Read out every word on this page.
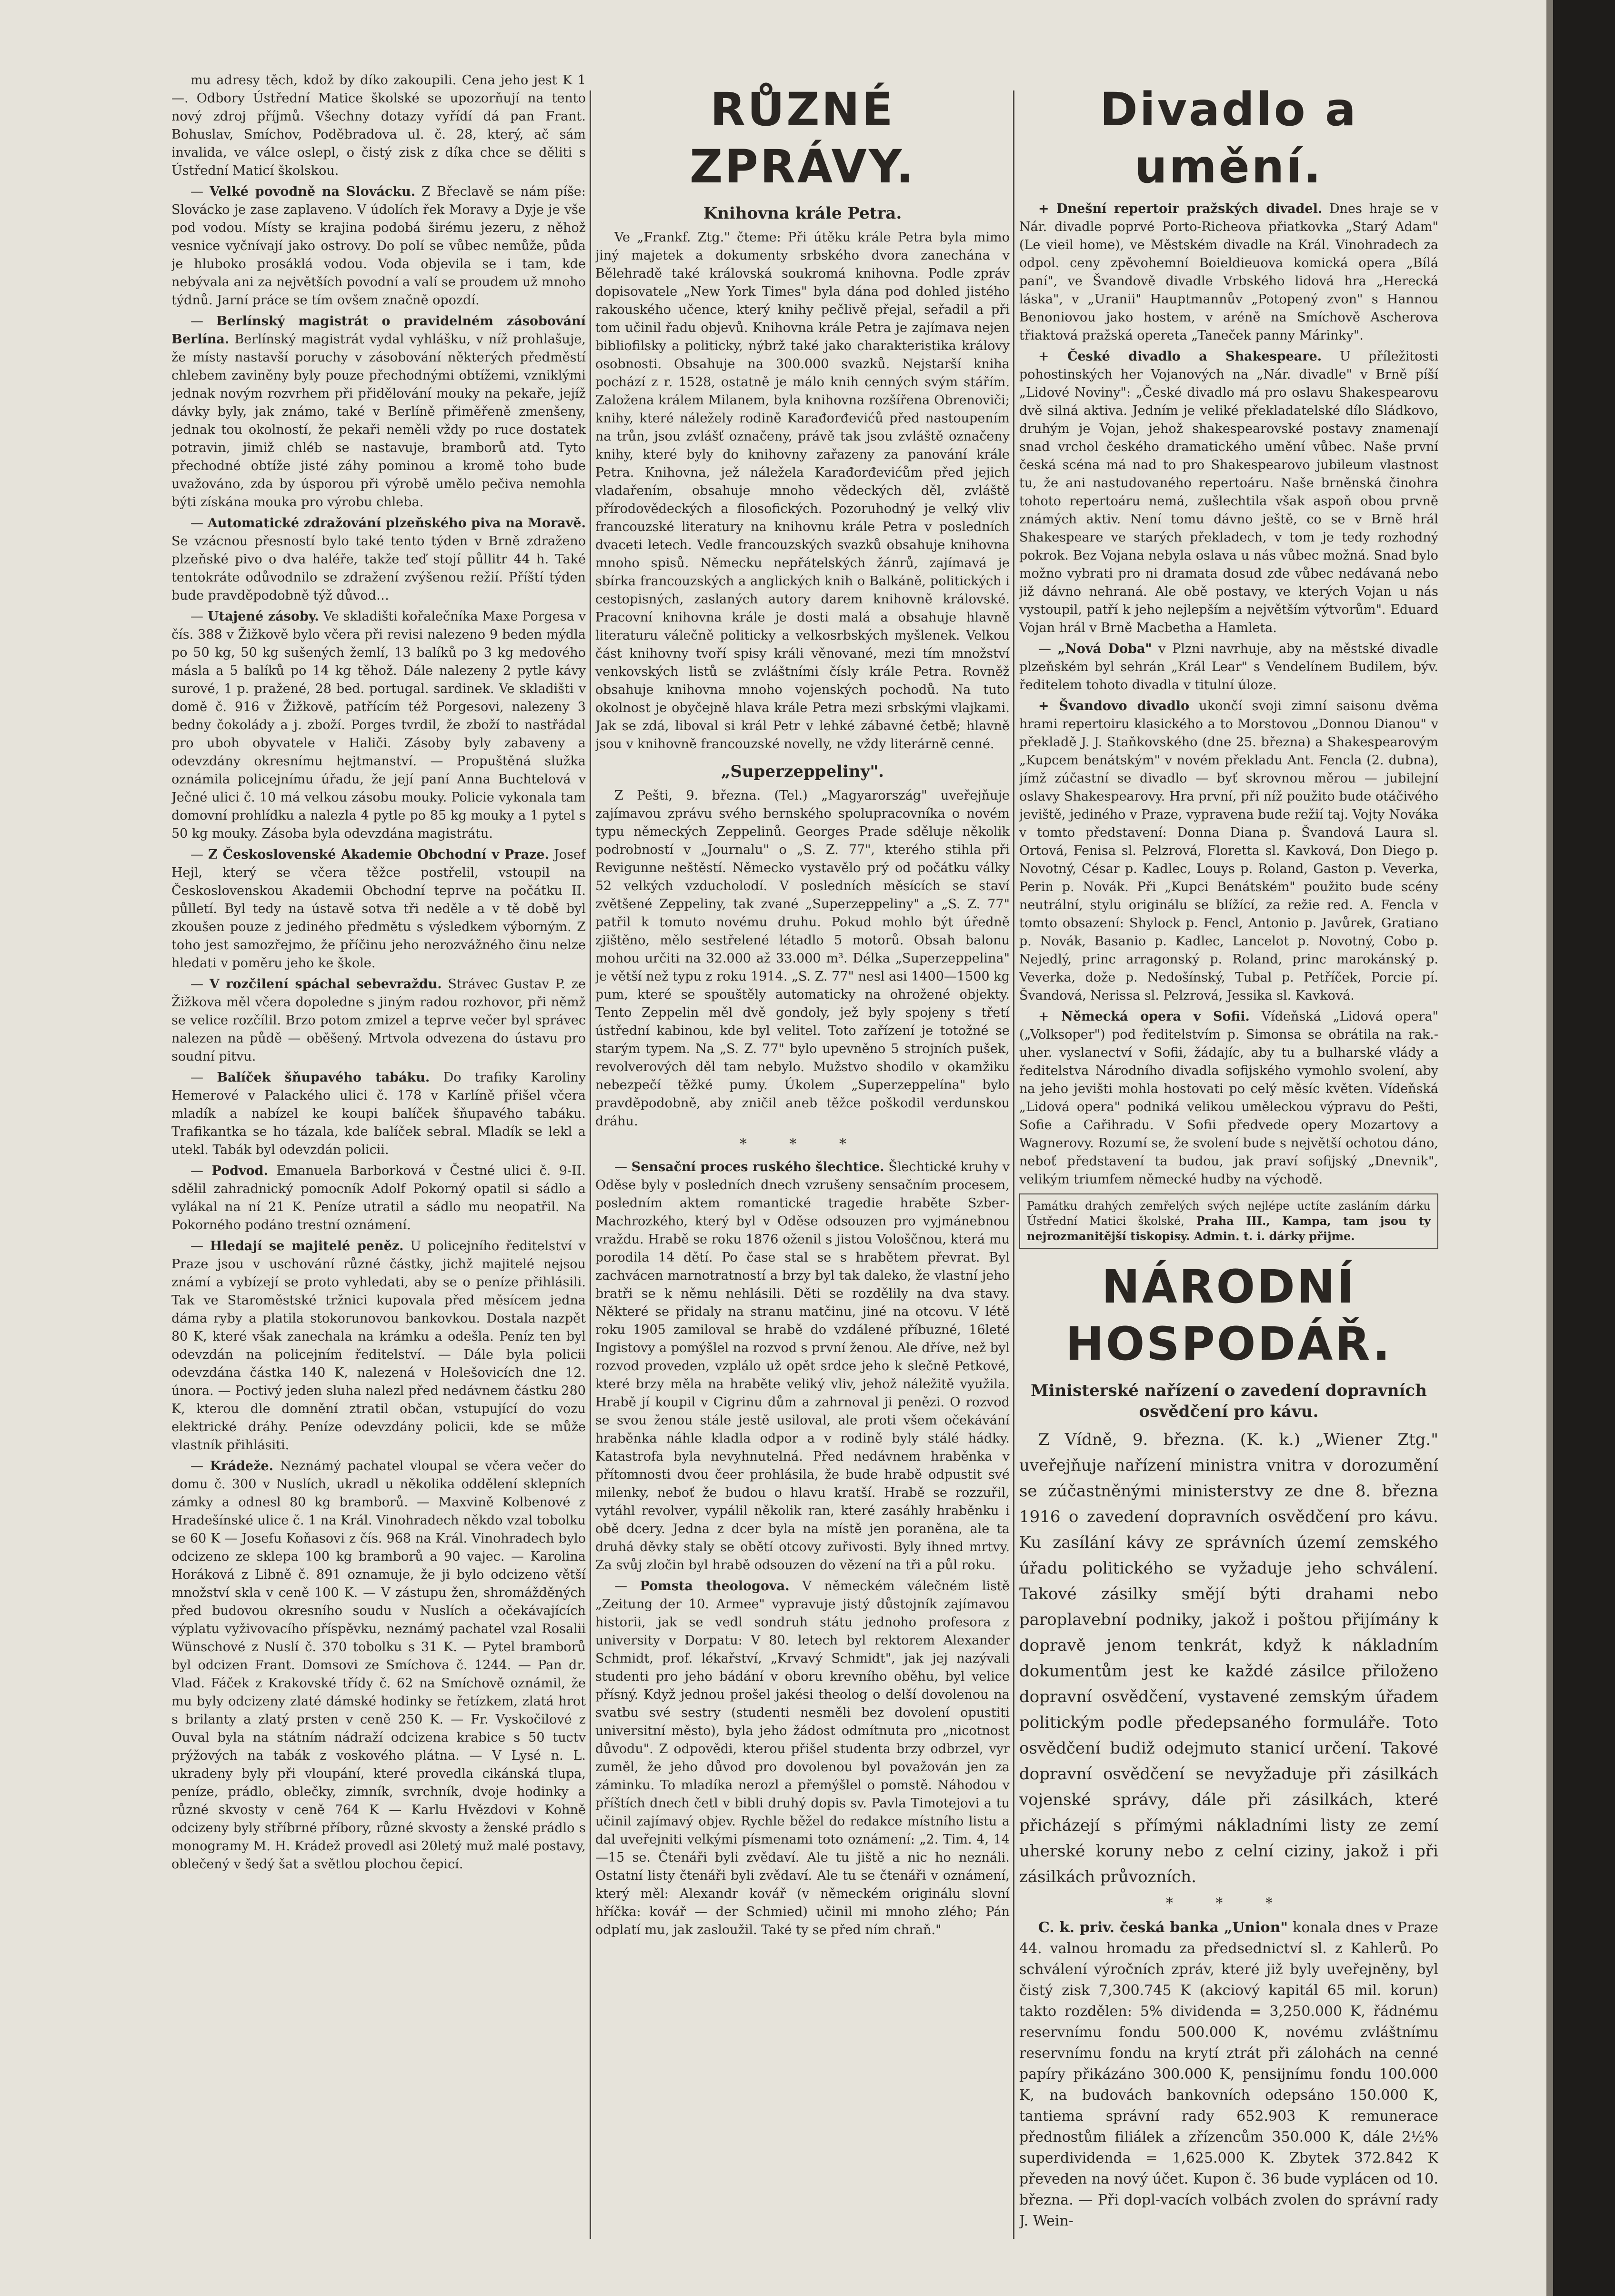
mu adresy těch, kdož by díko zakoupili. Cena jeho jest K 1—. Odbory Ústřední Matice školské se upozorňují na tento nový zdroj příjmů. Všechny dotazy vyřídí dá pan Frant. Bohuslav, Smíchov, Poděbradova ul. č. 28, který, ač sám invalida, ve válce oslepl, o čistý zisk z díka chce se děliti s Ústřední Maticí školskou.

— Velké povodně na Slovácku. Z Břeclavě se nám píše: Slovácko je zase zaplaveno. V údolích řek Moravy a Dyje je vše pod vodou. Místy se krajina podobá širému jezeru, z něhož vesnice vyčnívají jako ostrovy. Do polí se vůbec nemůže, půda je hluboko prosáklá vodou. Voda objevila se i tam, kde nebývala ani za největších povodní a valí se proudem už mnoho týdnů. Jarní práce se tím ovšem značně opozdí.

— Berlínský magistrát o pravidelném zásobování Berlína. Berlínský magistrát vydal vyhlášku, v níž prohlašuje, že místy nastavší poruchy v zásobování některých předměstí chlebem zaviněny byly pouze přechodnými obtížemi, vzniklými jednak novým rozvrhem při přidělování mouky na pekaře, jejíž dávky byly, jak známo, také v Berlíně přiměřeně zmenšeny, jednak tou okolností, že pekaři neměli vždy po ruce dostatek potravin, jimiž chléb se nastavuje, bramborů atd. Tyto přechodné obtíže jisté záhy pominou a kromě toho bude uvažováno, zda by úsporou při výrobě umělo pečiva nemohla býti získána mouka pro výrobu chleba.

— Automatické zdražování plzeňského piva na Moravě. Se vzácnou přesností bylo také tento týden v Brně zdraženo plzeňské pivo o dva haléře, takže teď stojí půllitr 44 h. Také tentokráte odůvodnilo se zdražení zvýšenou režií. Příští týden bude pravděpodobně týž důvod…

— Utajené zásoby. Ve skladišti kořalečníka Maxe Porgesa v čís. 388 v Žižkově bylo včera při revisi nalezeno 9 beden mýdla po 50 kg, 50 kg sušených žemlí, 13 balíků po 3 kg medového másla a 5 balíků po 14 kg těhož. Dále nalezeny 2 pytle kávy surové, 1 p. pražené, 28 bed. portugal. sardinek. Ve skladišti v domě č. 916 v Žižkově, patřícím též Porgesovi, nalezeny 3 bedny čokolády a j. zboží. Porges tvrdil, že zboží to nastřádal pro uboh obyvatele v Haliči. Zásoby byly zabaveny a odevzdány okresnímu hejtmanství. — Propuštěná služka oznámila policejnímu úřadu, že její paní Anna Buchtelová v Ječné ulici č. 10 má velkou zásobu mouky. Policie vykonala tam domovní prohlídku a nalezla 4 pytle po 85 kg mouky a 1 pytel s 50 kg mouky. Zásoba byla odevzdána magistrátu.

— Z Československé Akademie Obchodní v Praze. Josef Hejl, který se včera těžce postřelil, vstoupil na Československou Akademii Obchodní teprve na počátku II. půlletí. Byl tedy na ústavě sotva tři neděle a v tě době byl zkoušen pouze z jediného předmětu s výsledkem výborným. Z toho jest samozřejmo, že příčinu jeho nerozvážného činu nelze hledati v poměru jeho ke škole.

— V rozčilení spáchal sebevraždu. Strávec Gustav P. ze Žižkova měl včera dopoledne s jiným radou rozhovor, při němž se velice rozčílil. Brzo potom zmizel a teprve večer byl správec nalezen na půdě — oběšený. Mrtvola odvezena do ústavu pro soudní pitvu.

— Balíček šňupavého tabáku. Do trafiky Karoliny Hemerové v Palackého ulici č. 178 v Karlíně přišel včera mladík a nabízel ke koupi balíček šňupavého tabáku. Trafikantka se ho tázala, kde balíček sebral. Mladík se lekl a utekl. Tabák byl odevzdán policii.

— Podvod. Emanuela Barborková v Čestné ulici č. 9-II. sdělil zahradnický pomocník Adolf Pokorný opatil si sádlo a vylákal na ní 21 K. Peníze utratil a sádlo mu neopatřil. Na Pokorného podáno trestní oznámení.

— Hledají se majitelé peněz. U policejního ředitelství v Praze jsou v uschování různé částky, jichž majitelé nejsou známí a vybízejí se proto vyhledati, aby se o peníze přihlásili. Tak ve Staroměstské tržnici kupovala před měsícem jedna dáma ryby a platila stokorunovou bankovkou. Dostala nazpět 80 K, které však zanechala na krámku a odešla. Peníz ten byl odevzdán na policejním ředitelství. — Dále byla policii odevzdána částka 140 K, nalezená v Holešovicích dne 12. února. — Poctivý jeden sluha nalezl před nedávnem částku 280 K, kterou dle domnění ztratil občan, vstupující do vozu elektrické dráhy. Peníze odevzdány policii, kde se může vlastník přihlásiti.

— Krádeže. Neznámý pachatel vloupal se včera večer do domu č. 300 v Nuslích, ukradl u několika oddělení sklepních zámky a odnesl 80 kg bramborů. — Maxvině Kolbenové z Hradešínské ulice č. 1 na Král. Vinohradech někdo vzal tobolku se 60 K — Josefu Koňasovi z čís. 968 na Král. Vinohradech bylo odcizeno ze sklepa 100 kg bramborů a 90 vajec. — Karolina Horáková z Libně č. 891 oznamuje, že ji bylo odcizeno větší množství skla v ceně 100 K. — V zástupu žen, shromážděných před budovou okresního soudu v Nuslích a očekávajících výplatu vyživovacího příspěvku, neznámý pachatel vzal Rosalii Wünschové z Nuslí č. 370 tobolku s 31 K. — Pytel bramborů byl odcizen Frant. Domsovi ze Smíchova č. 1244. — Pan dr. Vlad. Fáček z Krakovské třídy č. 62 na Smíchově oznámil, že mu byly odcizeny zlaté dámské hodinky se řetízkem, zlatá hrot s brilanty a zlatý prsten v ceně 250 K. — Fr. Vyskočilové z Ouval byla na státním nádraží odcizena krabice s 50 tuctv prýžových na tabák z voskového plátna. — V Lysé n. L. ukradeny byly při vloupání, které provedla cikánská tlupa, peníze, prádlo, oblečky, zimník, svrchník, dvoje hodinky a různé skvosty v ceně 764 K — Karlu Hvězdovi v Kohně odcizeny byly stříbrné příbory, různé skvosty a ženské prádlo s monogramy M. H. Krádež provedl asi 20letý muž malé postavy, oblečený v šedý šat a světlou plochou čepicí.

RŮZNÉ ZPRÁVY.
Knihovna krále Petra.

Ve „Frankf. Ztg." čteme: Při útěku krále Petra byla mimo jiný majetek a dokumenty srbského dvora zanechána v Bělehradě také královská soukromá knihovna. Podle zpráv dopisovatele „New York Times" byla dána pod dohled jistého rakouského učence, který knihy pečlivě přejal, seřadil a při tom učinil řadu objevů. Knihovna krále Petra je zajímava nejen bibliofilsky a politicky, nýbrž také jako charakteristika královy osobnosti. Obsahuje na 300.000 svazků. Nejstarší kniha pochází z r. 1528, ostatně je málo knih cenných svým stářím. Založena králem Milanem, byla knihovna rozšířena Obrenoviči; knihy, které náležely rodině Karađorđevićů před nastoupením na trůn, jsou zvlášť označeny, právě tak jsou zvláště označeny knihy, které byly do knihovny zařazeny za panování krále Petra. Knihovna, jež náležela Karađorđevićům před jejich vladařením, obsahuje mnoho vědeckých děl, zvláště přírodovědeckých a filosofických. Pozoruhodný je velký vliv francouzské literatury na knihovnu krále Petra v posledních dvaceti letech. Vedle francouzských svazků obsahuje knihovna mnoho spisů. Německu nepřátelských žánrů, zajímavá je sbírka francouzských a anglických knih o Balkáně, politických i cestopisných, zaslaných autory darem knihovně královské. Pracovní knihovna krále je dosti malá a obsahuje hlavně literaturu válečně politicky a velkosrbských myšlenek. Velkou část knihovny tvoří spisy králi věnované, mezi tím množství venkovských listů se zvláštními čísly krále Petra. Rovněž obsahuje knihovna mnoho vojenských pochodů. Na tuto okolnost je obyčejně hlava krále Petra mezi srbskými vlajkami. Jak se zdá, liboval si král Petr v lehké zábavné četbě; hlavně jsou v knihovně francouzské novelly, ne vždy literárně cenné.

„Superzeppeliny".

Z Pešti, 9. března. (Tel.) „Magyarország" uveřejňuje zajímavou zprávu svého bernského spolupracovníka o novém typu německých Zeppelinů. Georges Prade sděluje několik podrobností v „Journalu" o „S. Z. 77", kterého stihla při Revigunne neštěstí. Německo vystavělo prý od počátku války 52 velkých vzducholodí. V posledních měsících se staví zvětšené Zeppeliny, tak zvané „Superzeppeliny" a „S. Z. 77" patřil k tomuto novému druhu. Pokud mohlo být úředně zjištěno, mělo sestřelené létadlo 5 motorů. Obsah balonu mohou určiti na 32.000 až 33.000 m³. Délka „Superzeppelina" je větší než typu z roku 1914. „S. Z. 77" nesl asi 1400—1500 kg pum, které se spouštěly automaticky na ohrožené objekty. Tento Zeppelin měl dvě gondoly, jež byly spojeny s třetí ústřední kabinou, kde byl velitel. Toto zařízení je totožné se starým typem. Na „S. Z. 77" bylo upevněno 5 strojních pušek, revolverových děl tam nebylo. Mužstvo shodilo v okamžiku nebezpečí těžké pumy. Úkolem „Superzeppelína" bylo pravděpodobně, aby zničil aneb těžce poškodil verdunskou dráhu.

* * *

— Sensační proces ruského šlechtice. Šlechtické kruhy v Oděse byly v posledních dnech vzrušeny sensačním procesem, posledním aktem romantické tragedie hraběte Szber-Machrozkého, který byl v Oděse odsouzen pro vyjmánebnou vraždu. Hrabě se roku 1876 oženil s jistou Vološčnou, která mu porodila 14 dětí. Po čase stal se s hrabětem převrat. Byl zachvácen marnotratností a brzy byl tak daleko, že vlastní jeho bratři se k němu nehlásili. Děti se rozdělily na dva stavy. Některé se přidaly na stranu matčinu, jiné na otcovu. V létě roku 1905 zamiloval se hrabě do vzdálené příbuzné, 16leté Ingistovy a pomýšlel na rozvod s první ženou. Ale dříve, než byl rozvod proveden, vzplálo už opět srdce jeho k slečně Petkové, které brzy měla na hraběte veliký vliv, jehož náležitě využila. Hrabě jí koupil v Cigrinu dům a zahrnoval ji penězi. O rozvod se svou ženou stále jestě usiloval, ale proti všem očekávání hraběnka náhle kladla odpor a v rodině byly stálé hádky. Katastrofa byla nevyhnutelná. Před nedávnem hraběnka v přítomnosti dvou čeer prohlásila, že bude hrabě odpustit své milenky, neboť že budou o hlavu kratší. Hrabě se rozzuřil, vytáhl revolver, vypálil několik ran, které zasáhly hraběnku i obě dcery. Jedna z dcer byla na místě jen poraněna, ale ta druhá děvky staly se obětí otcovy zuřivosti. Byly ihned mrtvy. Za svůj zločin byl hrabě odsouzen do vězení na tři a půl roku.

— Pomsta theologova. V německém válečném listě „Zeitung der 10. Armee" vypravuje jistý důstojník zajímavou historii, jak se vedl sondruh státu jednoho profesora z university v Dorpatu: V 80. letech byl rektorem Alexander Schmidt, prof. lékařství, „Krvavý Schmidt", jak jej nazývali studenti pro jeho bádání v oboru krevního oběhu, byl velice přísný. Když jednou prošel jakési theolog o delší dovolenou na svatbu své sestry (studenti nesměli bez dovolení opustiti universitní město), byla jeho žádost odmítnuta pro „nicotnost důvodu". Z odpovědi, kterou přišel studenta brzy odbrzel, vyr zuměl, že jeho důvod pro dovolenou byl považován jen za záminku. To mladíka nerozl a přemýšlel o pomstě. Náhodou v příštích dnech četl v bibli druhý dopis sv. Pavla Timotejovi a tu učinil zajímavý objev. Rychle běžel do redakce místního listu a dal uveřejniti velkými písmenami toto oznámení: „2. Tim. 4, 14—15 se. Čtenáři byli zvědaví. Ale tu jiště a nic ho neználi. Ostatní listy čtenáři byli zvědaví. Ale tu se čtenáři v oznámení, který měl: Alexandr kovář (v německém originálu slovní hříčka: kovář — der Schmied) učinil mi mnoho zlého; Pán odplatí mu, jak zasloužil. Také ty se před ním chraň."

Divadlo a umění.

+ Dnešní repertoir pražských divadel. Dnes hraje se v Nár. divadle poprvé Porto-Richeova přiatkovka „Starý Adam" (Le vieil home), ve Městském divadle na Král. Vinohradech za odpol. ceny zpěvohemní Boieldieuova komická opera „Bílá paní", ve Švandově divadle Vrbského lidová hra „Herecká láska", v „Uranii" Hauptmannův „Potopený zvon" s Hannou Benoniovou jako hostem, v aréně na Smíchově Ascherova třiaktová pražská opereta „Taneček panny Márinky".

+ České divadlo a Shakespeare. U příležitosti pohostinských her Vojanových na „Nár. divadle" v Brně píší „Lidové Noviny": „České divadlo má pro oslavu Shakespearovu dvě silná aktiva. Jedním je veliké překladatelské dílo Sládkovo, druhým je Vojan, jehož shakespearovské postavy znamenají snad vrchol českého dramatického umění vůbec. Naše první česká scéna má nad to pro Shakespearovo jubileum vlastnost tu, že ani nastudovaného repertoáru. Naše brněnská činohra tohoto repertoáru nemá, zušlechtila však aspoň obou prvně známých aktiv. Není tomu dávno ještě, co se v Brně hrál Shakespeare ve starých překladech, v tom je tedy rozhodný pokrok. Bez Vojana nebyla oslava u nás vůbec možná. Snad bylo možno vybrati pro ni dramata dosud zde vůbec nedávaná nebo již dávno nehraná. Ale obě postavy, ve kterých Vojan u nás vystoupil, patří k jeho nejlepším a největším výtvorům". Eduard Vojan hrál v Brně Macbetha a Hamleta.

— „Nová Doba" v Plzni navrhuje, aby na městské divadle plzeňském byl sehrán „Král Lear" s Vendelínem Budilem, býv. ředitelem tohoto divadla v titulní úloze.

+ Švandovo divadlo ukončí svoji zimní saisonu dvěma hrami repertoiru klasického a to Morstovou „Donnou Dianou" v překladě J. J. Staňkovského (dne 25. března) a Shakespearovým „Kupcem benátským" v novém překladu Ant. Fencla (2. dubna), jímž zúčastní se divadlo — byť skrovnou měrou — jubilejní oslavy Shakespearovy. Hra první, při níž použito bude otáčivého jeviště, jediného v Praze, vypravena bude režií taj. Vojty Nováka v tomto představení: Donna Diana p. Švandová Laura sl. Ortová, Fenisa sl. Pelzrová, Floretta sl. Kavková, Don Diego p. Novotný, César p. Kadlec, Louys p. Roland, Gaston p. Veverka, Perin p. Novák. Při „Kupci Benátském" použito bude scény neutrální, stylu originálu se blížící, za režie red. A. Fencla v tomto obsazení: Shylock p. Fencl, Antonio p. Javůrek, Gratiano p. Novák, Basanio p. Kadlec, Lancelot p. Novotný, Cobo p. Nejedlý, princ arragonský p. Roland, princ marokánský p. Veverka, dože p. Nedošínský, Tubal p. Petříček, Porcie pí. Švandová, Nerissa sl. Pelzrová, Jessika sl. Kavková.

+ Německá opera v Sofii. Vídeňská „Lidová opera" („Volksoper") pod ředitelstvím p. Simonsa se obrátila na rak.-uher. vyslanectví v Sofii, žádajíc, aby tu a bulharské vlády a ředitelstva Národního divadla sofijského vymohlo svolení, aby na jeho jevišti mohla hostovati po celý měsíc květen. Vídeňská „Lidová opera" podniká velikou uměleckou výpravu do Pešti, Sofie a Cařihradu. V Sofii předvede opery Mozartovy a Wagnerovy. Rozumí se, že svolení bude s největší ochotou dáno, neboť představení ta budou, jak praví sofijský „Dnevnik", velikým triumfem německé hudby na východě.

Památku drahých zemřelých svých nejlépe uctíte zasláním dárku Ústřední Matici školské, Praha III., Kampa, tam jsou ty nejrozmanitější tiskopisy. Admin. t. i. dárky přijme.
NÁRODNÍ HOSPODÁŘ.
Ministerské nařízení o zavedení dopravních osvědčení pro kávu.

Z Vídně, 9. března. (K. k.) „Wiener Ztg." uveřejňuje nařízení ministra vnitra v dorozumění se zúčastněnými ministerstvy ze dne 8. března 1916 o zavedení dopravních osvědčení pro kávu. Ku zasílání kávy ze správních území zemského úřadu politického se vyžaduje jeho schválení. Takové zásilky smějí býti drahami nebo paroplavební podniky, jakož i poštou přijímány k dopravě jenom tenkrát, když k nákladním dokumentům jest ke každé zásilce přiloženo dopravní osvědčení, vystavené zemským úřadem politickým podle předepsaného formuláře. Toto osvědčení budiž odejmuto stanicí určení. Takové dopravní osvědčení se nevyžaduje při zásilkách vojenské správy, dále při zásilkách, které přicházejí s přímými nákladními listy ze zemí uherské koruny nebo z celní ciziny, jakož i při zásilkách průvozních.

* * *

C. k. priv. česká banka „Union" konala dnes v Praze 44. valnou hromadu za předsednictví sl. z Kahlerů. Po schválení výročních zpráv, které již byly uveřejněny, byl čistý zisk 7,300.745 K (akciový kapitál 65 mil. korun) takto rozdělen: 5% dividenda = 3,250.000 K, řádnému reservnímu fondu 500.000 K, novému zvláštnímu reservnímu fondu na krytí ztrát při zálohách na cenné papíry přikázáno 300.000 K, pensijnímu fondu 100.000 K, na budovách bankovních odepsáno 150.000 K, tantiema správní rady 652.903 K remunerace přednostům filiálek a zřízencům 350.000 K, dále 2½% superdividenda = 1,625.000 K. Zbytek 372.842 K převeden na nový účet. Kupon č. 36 bude vyplácen od 10. března. — Při dopl-vacích volbách zvolen do správní rady J. Wein-
